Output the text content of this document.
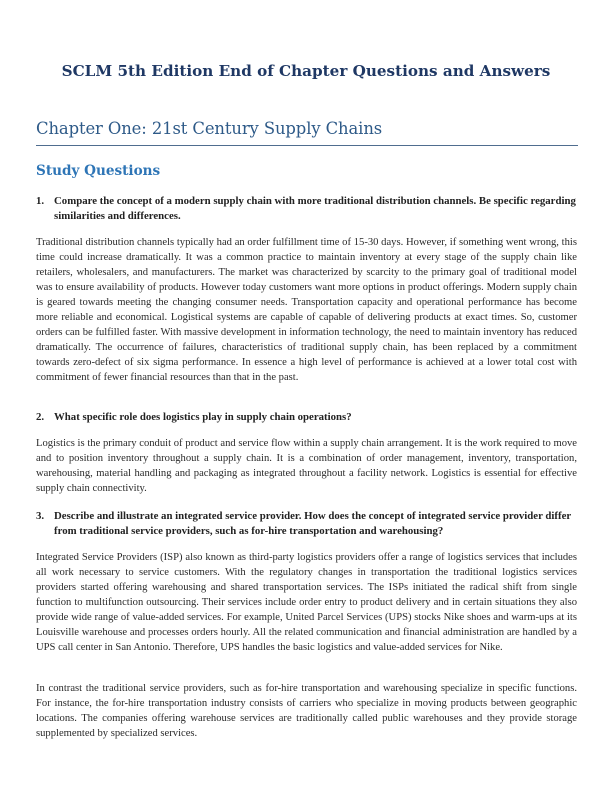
SCLM 5th Edition End of Chapter Questions and Answers
Chapter One: 21st Century Supply Chains
Study Questions
1. Compare the concept of a modern supply chain with more traditional distribution channels. Be specific regarding similarities and differences.
Traditional distribution channels typically had an order fulfillment time of 15-30 days. However, if something went wrong, this time could increase dramatically. It was a common practice to maintain inventory at every stage of the supply chain like retailers, wholesalers, and manufacturers. The market was characterized by scarcity to the primary goal of traditional model was to ensure availability of products. However today customers want more options in product offerings. Modern supply chain is geared towards meeting the changing consumer needs. Transportation capacity and operational performance has become more reliable and economical. Logistical systems are capable of capable of delivering products at exact times. So, customer orders can be fulfilled faster. With massive development in information technology, the need to maintain inventory has reduced dramatically. The occurrence of failures, characteristics of traditional supply chain, has been replaced by a commitment towards zero-defect of six sigma performance. In essence a high level of performance is achieved at a lower total cost with commitment of fewer financial resources than that in the past.
2. What specific role does logistics play in supply chain operations?
Logistics is the primary conduit of product and service flow within a supply chain arrangement. It is the work required to move and to position inventory throughout a supply chain. It is a combination of order management, inventory, transportation, warehousing, material handling and packaging as integrated throughout a facility network. Logistics is essential for effective supply chain connectivity.
3. Describe and illustrate an integrated service provider. How does the concept of integrated service provider differ from traditional service providers, such as for-hire transportation and warehousing?
Integrated Service Providers (ISP) also known as third-party logistics providers offer a range of logistics services that includes all work necessary to service customers. With the regulatory changes in transportation the traditional logistics services providers started offering warehousing and shared transportation services. The ISPs initiated the radical shift from single function to multifunction outsourcing. Their services include order entry to product delivery and in certain situations they also provide wide range of value-added services. For example, United Parcel Services (UPS) stocks Nike shoes and warm-ups at its Louisville warehouse and processes orders hourly. All the related communication and financial administration are handled by a UPS call center in San Antonio. Therefore, UPS handles the basic logistics and value-added services for Nike.
In contrast the traditional service providers, such as for-hire transportation and warehousing specialize in specific functions. For instance, the for-hire transportation industry consists of carriers who specialize in moving products between geographic locations. The companies offering warehouse services are traditionally called public warehouses and they provide storage supplemented by specialized services.
